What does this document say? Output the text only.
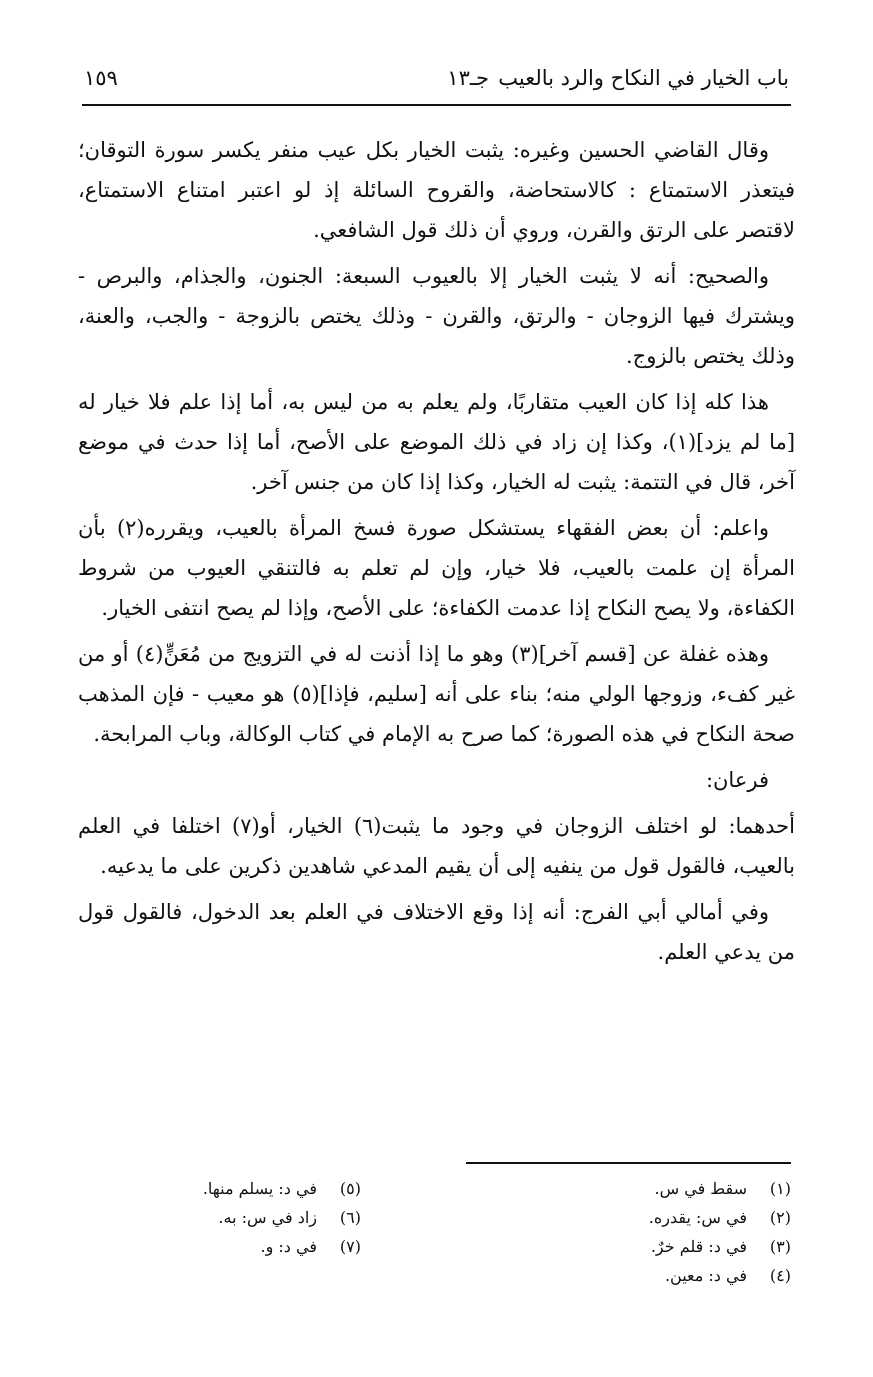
باب الخيار في النكاح والرد بالعيب
جـ١٣
١٥٩

وقال القاضي الحسين وغيره: يثبت الخيار بكل عيب منفر يكسر سورة التوقان؛ فيتعذر الاستمتاع : كالاستحاضة، والقروح السائلة إذ لو اعتبر امتناع الاستمتاع، لاقتصر على الرتق والقرن، وروي أن ذلك قول الشافعي.

والصحيح: أنه لا يثبت الخيار إلا بالعيوب السبعة: الجنون، والجذام، والبرص - ويشترك فيها الزوجان - والرتق، والقرن - وذلك يختص بالزوجة - والجب، والعنة، وذلك يختص بالزوج.

هذا كله إذا كان العيب متقاربًا، ولم يعلم به من ليس به، أما إذا علم فلا خيار له [ما لم يزد](١)، وكذا إن زاد في ذلك الموضع على الأصح، أما إذا حدث في موضع آخر، قال في التتمة: يثبت له الخيار، وكذا إذا كان من جنس آخر.

واعلم: أن بعض الفقهاء يستشكل صورة فسخ المرأة بالعيب، ويقرره(٢) بأن المرأة إن علمت بالعيب، فلا خيار، وإن لم تعلم به فالتنقي العيوب من شروط الكفاءة، ولا يصح النكاح إذا عدمت الكفاءة؛ على الأصح، وإذا لم يصح انتفى الخيار.

وهذه غفلة عن [قسم آخر](٣) وهو ما إذا أذنت له في التزويج من مُعَنٍّ(٤) أو من غير كفء، وزوجها الولي منه؛ بناء على أنه [سليم، فإذا](٥) هو معيب - فإن المذهب صحة النكاح في هذه الصورة؛ كما صرح به الإمام في كتاب الوكالة، وباب المرابحة.

فرعان:

أحدهما: لو اختلف الزوجان في وجود ما يثبت(٦) الخيار، أو(٧) اختلفا في العلم بالعيب، فالقول قول من ينفيه إلى أن يقيم المدعي شاهدين ذكرين على ما يدعيه.

وفي أمالي أبي الفرج: أنه إذا وقع الاختلاف في العلم بعد الدخول، فالقول قول من يدعي العلم.

(١)سقط في س.
(٢)في س: يقدره.
(٣)في د: قلم خرٌ.
(٤)في د: معين.
(٥)في د: يسلم منها.
(٦)زاد في س: به.
(٧)في د: و.
